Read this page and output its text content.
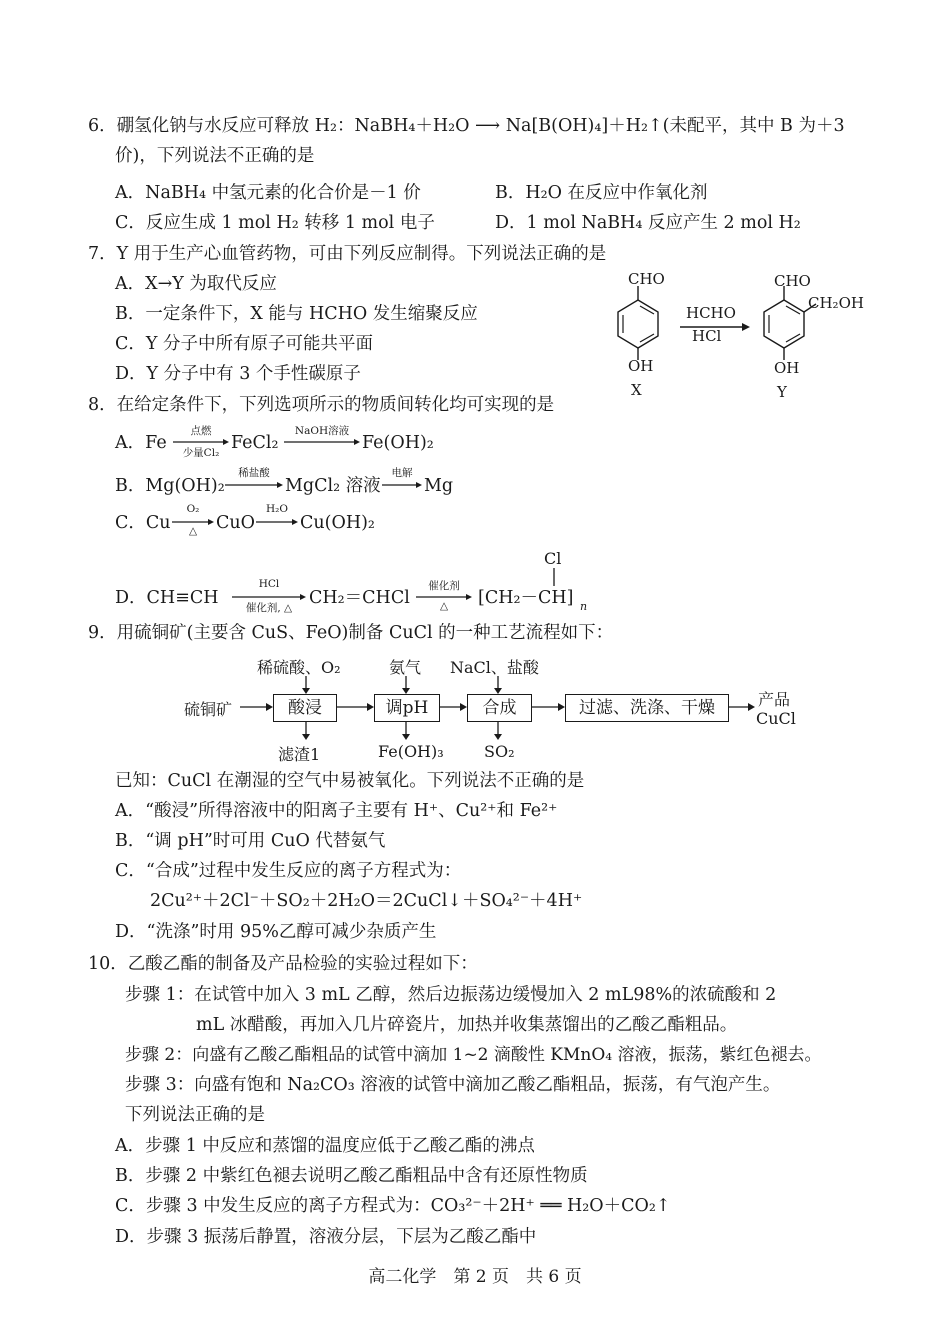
6．硼氢化钠与水反应可释放 H₂：NaBH₄＋H₂O ⟶ Na[B(OH)₄]＋H₂↑(未配平，其中 B 为＋3
价)，下列说法不正确的是
A．NaBH₄ 中氢元素的化合价是－1 价	B．H₂O 在反应中作氧化剂
C．反应生成 1 mol H₂ 转移 1 mol 电子	D．1 mol NaBH₄ 反应产生 2 mol H₂
7．Y 用于生产心血管药物，可由下列反应制得。下列说法正确的是
A．X→Y 为取代反应
B．一定条件下，X 能与 HCHO 发生缩聚反应
C．Y 分子中所有原子可能共平面
D．Y 分子中有 3 个手性碳原子
CHO
OH
X
HCHO
HCl
CHO
CH₂OH
OH
Y
8．在给定条件下，下列选项所示的物质间转化均可实现的是
A．Fe
点燃
少量Cl₂ FeCl₂
NaOH溶液
Fe(OH)₂
B．Mg(OH)₂
稀盐酸
MgCl₂ 溶液
电解
Mg
C．Cu
O₂
△	CuO
H₂O
Cu(OH)₂
Cl
D．CH≡CH
HCl
催化剂, △ CH₂＝CHCl
催化剂
△	[CH₂－CH] n
9．用硫铜矿(主要含 CuS、FeO)制备 CuCl 的一种工艺流程如下：
稀硫酸、O₂	氨气 NaCl、盐酸
硫铜矿	酸浸	调pH	合成	过滤、洗涤、干燥	产品
CuCl
滤渣1	Fe(OH)₃	SO₂
已知：CuCl 在潮湿的空气中易被氧化。下列说法不正确的是
A．“酸浸”所得溶液中的阳离子主要有 H⁺、Cu²⁺和 Fe²⁺
B．“调 pH”时可用 CuO 代替氨气
C．“合成”过程中发生反应的离子方程式为：
2Cu²⁺＋2Cl⁻＋SO₂＋2H₂O＝2CuCl↓＋SO₄²⁻＋4H⁺
D．“洗涤”时用 95%乙醇可减少杂质产生
10．乙酸乙酯的制备及产品检验的实验过程如下：
步骤 1：在试管中加入 3 mL 乙醇，然后边振荡边缓慢加入 2 mL98%的浓硫酸和 2
mL 冰醋酸，再加入几片碎瓷片，加热并收集蒸馏出的乙酸乙酯粗品。
步骤 2：向盛有乙酸乙酯粗品的试管中滴加 1~2 滴酸性 KMnO₄ 溶液，振荡，紫红色褪去。
步骤 3：向盛有饱和 Na₂CO₃ 溶液的试管中滴加乙酸乙酯粗品，振荡，有气泡产生。
下列说法正确的是
A．步骤 1 中反应和蒸馏的温度应低于乙酸乙酯的沸点
B．步骤 2 中紫红色褪去说明乙酸乙酯粗品中含有还原性物质
C．步骤 3 中发生反应的离子方程式为：CO₃²⁻＋2H⁺ ══ H₂O＋CO₂↑
D．步骤 3 振荡后静置，溶液分层，下层为乙酸乙酯中
高二化学　第 2 页　共 6 页
